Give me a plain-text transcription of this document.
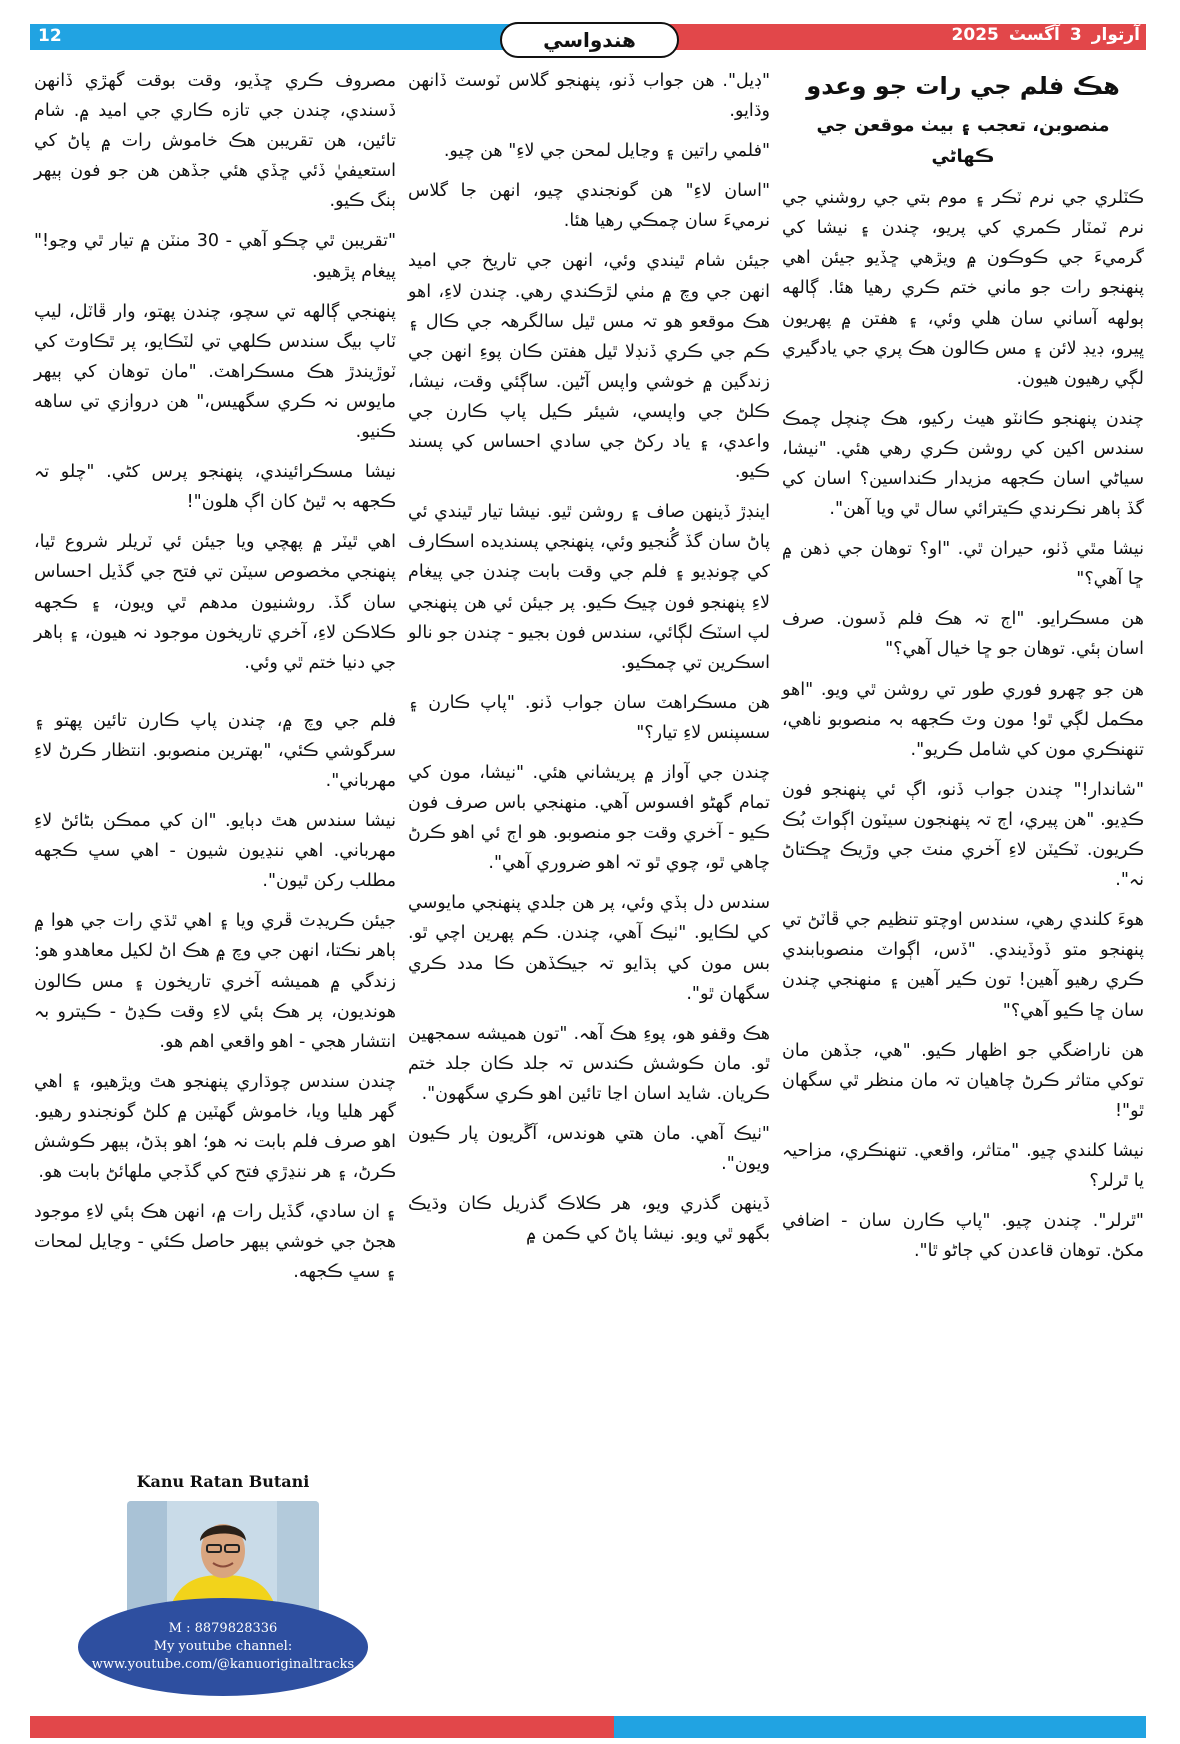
12	هندواسي	آرتوار
3
آگسٽ
2025
هڪ فلم جي رات جو وعدو
منصوبن، تعجب ۽ بيٺ موقعن جي ڪهاڻي

ڪٽلري جي نرم ٽڪر ۽ موم بتي جي روشني جي نرم ٽمٽار ڪمري کي پريو، چندن ۽ نيشا کي گرميءَ جي ڪوڪون ۾ ويڙهي ڇڏيو جيئن اهي پنهنجو رات جو ماني ختم ڪري رهيا هئا. ڳالهه ٻولهه آساني سان هلي وئي، ۽ هفتن ۾ پهريون ڀيرو، ڊيڊ لائن ۽ مس ڪالون هڪ پري جي يادگيري لڳي رهيون هيون.

چندن پنهنجو ڪانٽو هيٺ رکيو، هڪ چنچل چمڪ سندس اکين کي روشن ڪري رهي هئي. "نيشا، سياڻي اسان ڪجهه مزيدار ڪنداسين؟ اسان کي گڏ ٻاهر نڪرندي ڪيترائي سال ٿي ويا آهن".

نيشا مٿي ڏٺو، حيران ٿي. "او؟ توهان جي ذهن ۾ ڇا آهي؟"

هن مسڪرايو. "اڄ تہ هڪ فلم ڏسون. صرف اسان ٻئي. توهان جو ڇا خيال آهي؟"

هن جو چهرو فوري طور تي روشن ٿي ويو. "اهو مڪمل لڳي ٿو! مون وٽ ڪجهه بہ منصوبو ناهي، تنهنڪري مون کي شامل ڪريو".

"شاندار!" چندن جواب ڏنو، اڳ ئي پنهنجو فون ڪڍيو. "هن پيري، اڄ تہ پنهنجون سيٽون اڳواٽ بُڪ ڪريون. ٽڪيٽن لاءِ آخري منٽ جي وڙيڪ ڇڪتاڻ نہ".

هوءَ کلندي رهي، سندس اوچتو تنظيم جي ڦاٽڻ تي پنهنجو متو ڏوڏيندي. "ڏس، اڳواٽ منصوبابندي ڪري رهيو آهين! تون ڪير آهين ۽ منهنجي چندن سان ڇا ڪيو آهي؟"

هن ناراضگي جو اظهار ڪيو. "هي، جڏهن مان توکي متاثر ڪرڻ چاهيان تہ مان منظر ٿي سگهان ٿو"!

نيشا کلندي چيو. "متاثر، واقعي. تنهنڪري، مزاحيہ يا ٿرلر؟

"ٿرلر". چندن چيو. "پاپ ڪارن سان - اضافي مکڻ. توهان قاعدن کي ڄاڻو ٿا".

"ڊيل". هن جواب ڏنو، پنهنجو گلاس ٽوسٽ ڏانهن وڌايو.

"فلمي راتين ۽ وڃايل لمحن جي لاءِ" هن چيو.

"اسان لاءِ" هن گونجندي چيو، انهن جا گلاس نرميءَ سان چمڪي رهيا هئا.

جيئن شام ٿيندي وئي، انهن جي تاريخ جي اميد انهن جي وچ ۾ مٺي لڙڪندي رهي. چندن لاءِ، اهو هڪ موقعو هو تہ مس ٿيل سالگرهہ جي ڪال ۽ ڪم جي ڪري ڏنڊلا ٿيل هفتن ڪان پوءِ انهن جي زندگين ۾ خوشي واپس آڻين. ساڳئي وقت، نيشا، ڪلڻ جي واپسي، شيئر ڪيل پاپ ڪارن جي واعدي، ۽ ياد رکڻ جي سادي احساس کي پسند ڪيو.

اينڊڙ ڏينهن صاف ۽ روشن ٿيو. نيشا تيار ٿيندي ئي پاڻ سان گڏ گُنجيو وئي، پنهنجي پسنديده اسڪارف کي چونڊيو ۽ فلم جي وقت بابت چندن جي پيغام لاءِ پنهنجو فون چيڪ ڪيو. پر جيئن ئي هن پنهنجي لپ اسٽڪ لڳائي، سندس فون بجيو - چندن جو نالو اسڪرين تي چمڪيو.

هن مسڪراهٽ سان جواب ڏنو. "پاپ ڪارن ۽ سسپنس لاءِ تيار؟"

چندن جي آواز ۾ پريشاني هئي. "نيشا، مون کي تمام گهڻو افسوس آهي. منهنجي باس صرف فون ڪيو - آخري وقت جو منصوبو. هو اڄ ئي اهو ڪرڻ چاهي ٿو، چوي ٿو تہ اهو ضروري آهي".

سندس دل ٻڏي وئي، پر هن جلدي پنهنجي مايوسي کي لڪايو. "ٺيڪ آهي، چندن. ڪم پهرين اچي ٿو. بس مون کي ٻڌايو تہ جيڪڏهن ڪا مدد ڪري سگهان ٿو".

هڪ وقفو هو، پوءِ هڪ آهہ. "تون هميشه سمجهين ٿو. مان ڪوشش ڪندس تہ جلد ڪان جلد ختم ڪريان. شايد اسان اڃا تائين اهو ڪري سگهون".

"ٺيڪ آهي. مان هتي هوندس، آڱريون پار ڪيون ويون".

ڏينهن گذري ويو، هر ڪلاڪ گذريل ڪان وڌيڪ بگهو ٿي ويو. نيشا پاڻ کي ڪمن ۾

مصروف ڪري ڇڏيو، وقت بوقت گهڙي ڏانهن ڏسندي، چندن جي تازه ڪاري جي اميد ۾. شام تائين، هن تقريبن هڪ خاموش رات ۾ پاڻ کي استعيفيٰ ڏئي ڇڏي هئي جڏهن هن جو فون ٻيهر ٻنگ ڪيو.

"تقريبن ٿي چڪو آهي - 30 منٽن ۾ تيار ٿي وڃو!" پيغام پڙهيو.

پنهنجي ڳالهه تي سچو، چندن پهتو، وار ڦاٽل، ليپ ٽاپ بيگ سندس ڪلهي تي لٽڪايو، پر ٿڪاوٽ کي ٽوڙيندڙ هڪ مسڪراهٽ. "مان توهان کي ٻيهر مايوس نہ ڪري سگهيس،" هن دروازي تي ساهه ڪنيو.

نيشا مسڪرائيندي، پنهنجو پرس کڻي. "چلو تہ ڪجهه بہ ٿيڻ کان اڳ هلون"!

اهي ٿيٽر ۾ پهچي ويا جيئن ئي ٽريلر شروع ٿيا، پنهنجي مخصوص سيٽن تي فتح جي گڏيل احساس سان گڏ. روشنيون مدهم ٿي ويون، ۽ ڪجهه ڪلاڪن لاءِ، آخري تاريخون موجود نہ هيون، ۽ ٻاهر جي دنيا ختم ٿي وئي.

فلم جي وچ ۾، چندن پاپ ڪارن تائين پهتو ۽ سرگوشي ڪئي، "بهترين منصوبو. انتظار ڪرڻ لاءِ مهرباني".

نيشا سندس هٿ دٻايو. "ان کي ممڪن بڻائڻ لاءِ مهرباني. اهي ننڍيون شيون - اهي سڀ ڪجهه مطلب رکن ٿيون".

جيئن ڪريڊٽ ڦري ويا ۽ اهي ٿڌي رات جي هوا ۾ ٻاهر نڪتا، انهن جي وچ ۾ هڪ اڻ لکيل معاهدو هو: زندگي ۾ هميشه آخري تاريخون ۽ مس ڪالون هونديون، پر هڪ ٻئي لاءِ وقت ڪڍڻ - ڪيترو بہ انتشار هجي - اهو واقعي اهم هو.

چندن سندس چوڌاري پنهنجو هٿ ويڙهيو، ۽ اهي گهر هليا ويا، خاموش گهٽين ۾ کلڻ گونجندو رهيو. اهو صرف فلم بابت نہ هو؛ اهو ٻڌڻ، ٻيهر ڪوشش ڪرڻ، ۽ هر ننڍڙي فتح کي گڏجي ملهائڻ بابت هو.

۽ ان سادي، گڏيل رات ۾، انهن هڪ ٻئي لاءِ موجود هجڻ جي خوشي ٻيهر حاصل ڪئي - وڃايل لمحات ۽ سڀ ڪجهه.

Kanu Ratan Butani
M : 8879828336
My youtube channel:
www.youtube.com/@kanuoriginaltracks
